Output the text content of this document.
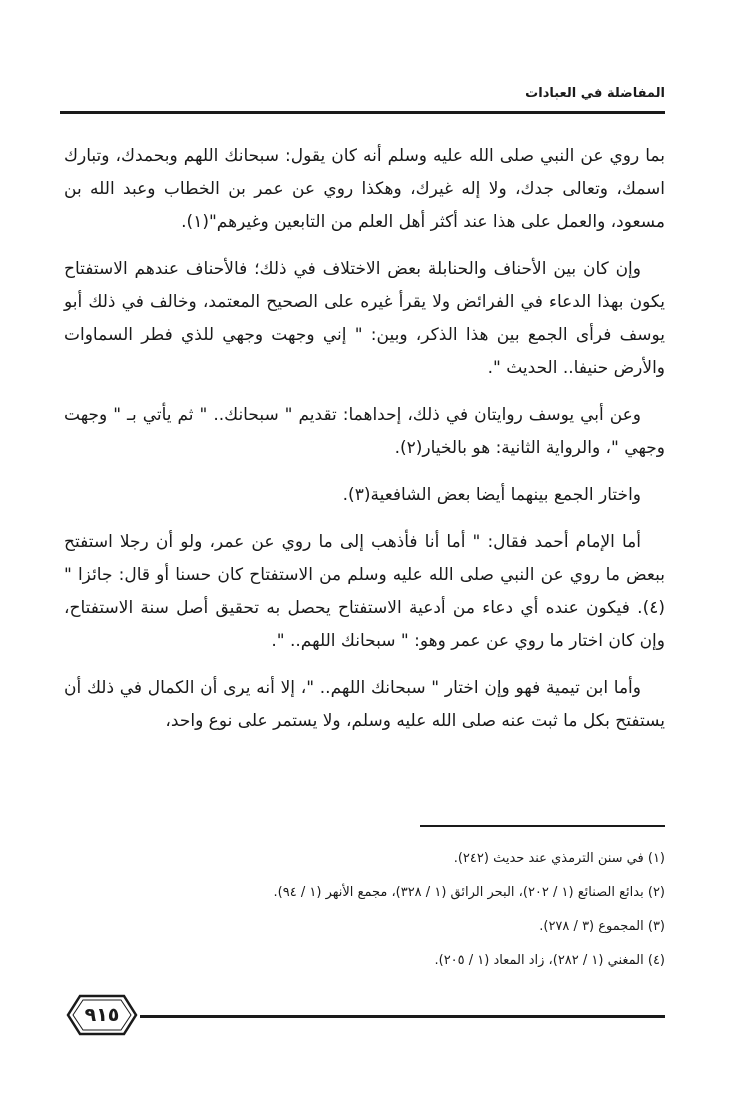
المفاضلة في العبادات

بما روي عن النبي صلى الله عليه وسلم أنه كان يقول: سبحانك اللهم وبحمدك، وتبارك اسمك، وتعالى جدك، ولا إله غيرك، وهكذا روي عن عمر بن الخطاب وعبد الله بن مسعود، والعمل على هذا عند أكثر أهل العلم من التابعين وغيرهم"(١).

وإن كان بين الأحناف والحنابلة بعض الاختلاف في ذلك؛ فالأحناف عندهم الاستفتاح يكون بهذا الدعاء في الفرائض ولا يقرأ غيره على الصحيح المعتمد، وخالف في ذلك أبو يوسف فرأى الجمع بين هذا الذكر، وبين: " إني وجهت وجهي للذي فطر السماوات والأرض حنيفا.. الحديث ".

وعن أبي يوسف روايتان في ذلك، إحداهما: تقديم " سبحانك.. " ثم يأتي بـ " وجهت وجهي "، والرواية الثانية: هو بالخيار(٢).

واختار الجمع بينهما أيضا بعض الشافعية(٣).

أما الإمام أحمد فقال: " أما أنا فأذهب إلى ما روي عن عمر، ولو أن رجلا استفتح ببعض ما روي عن النبي صلى الله عليه وسلم من الاستفتاح كان حسنا أو قال: جائزا " (٤). فيكون عنده أي دعاء من أدعية الاستفتاح يحصل به تحقيق أصل سنة الاستفتاح، وإن كان اختار ما روي عن عمر وهو: " سبحانك اللهم.. ".

وأما ابن تيمية فهو وإن اختار " سبحانك اللهم.. "، إلا أنه يرى أن الكمال في ذلك أن يستفتح بكل ما ثبت عنه صلى الله عليه وسلم، ولا يستمر على نوع واحد،

(١) في سنن الترمذي عند حديث (٢٤٢).
(٢) بدائع الصنائع (١ / ٢٠٢)، البحر الرائق (١ / ٣٢٨)، مجمع الأنهر (١ / ٩٤).
(٣) المجموع (٣ / ٢٧٨).
(٤) المغني (١ / ٢٨٢)، زاد المعاد (١ / ٢٠٥).
٩١٥
